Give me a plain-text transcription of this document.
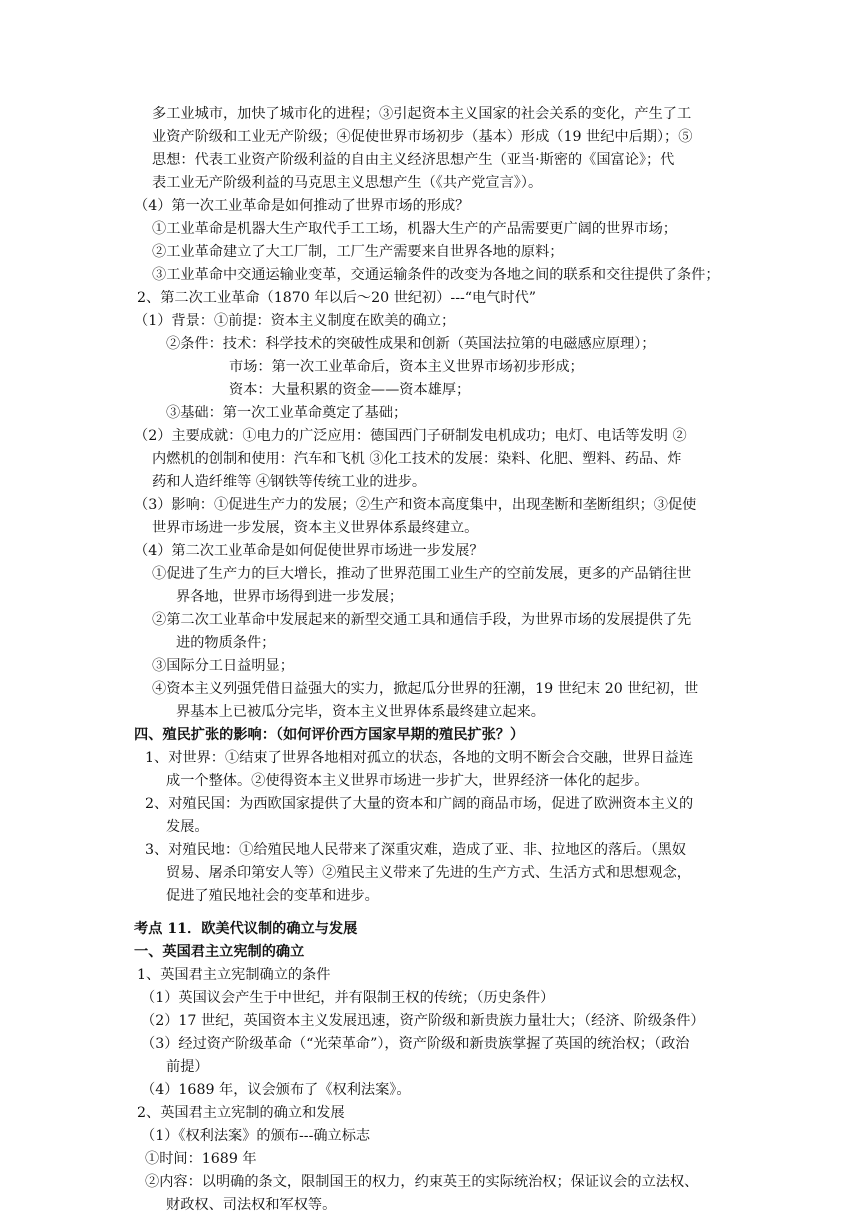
多工业城市，加快了城市化的进程；③引起资本主义国家的社会关系的变化，产生了工
业资产阶级和工业无产阶级；④促使世界市场初步（基本）形成（19 世纪中后期）；⑤
思想：代表工业资产阶级利益的自由主义经济思想产生（亚当·斯密的《国富论》；代
表工业无产阶级利益的马克思主义思想产生（《共产党宣言》）。
（4）第一次工业革命是如何推动了世界市场的形成？
①工业革命是机器大生产取代手工工场，机器大生产的产品需要更广阔的世界市场；
②工业革命建立了大工厂制，工厂生产需要来自世界各地的原料；
③工业革命中交通运输业变革，交通运输条件的改变为各地之间的联系和交往提供了条件；
2、第二次工业革命（1870 年以后～20 世纪初）---“电气时代”
（1）背景：①前提：资本主义制度在欧美的确立；
②条件：技术：科学技术的突破性成果和创新（英国法拉第的电磁感应原理）；
市场：第一次工业革命后，资本主义世界市场初步形成；
资本：大量积累的资金——资本雄厚；
③基础：第一次工业革命奠定了基础；
（2）主要成就：①电力的广泛应用：德国西门子研制发电机成功；电灯、电话等发明 ②
内燃机的创制和使用：汽车和飞机 ③化工技术的发展：染料、化肥、塑料、药品、炸
药和人造纤维等 ④钢铁等传统工业的进步。
（3）影响：①促进生产力的发展；②生产和资本高度集中，出现垄断和垄断组织；③促使
世界市场进一步发展，资本主义世界体系最终建立。
（4）第二次工业革命是如何促使世界市场进一步发展？
①促进了生产力的巨大增长，推动了世界范围工业生产的空前发展，更多的产品销往世
界各地，世界市场得到进一步发展；
②第二次工业革命中发展起来的新型交通工具和通信手段，为世界市场的发展提供了先
进的物质条件；
③国际分工日益明显；
④资本主义列强凭借日益强大的实力，掀起瓜分世界的狂潮，19 世纪末 20 世纪初，世
界基本上已被瓜分完毕，资本主义世界体系最终建立起来。
四、殖民扩张的影响：（如何评价西方国家早期的殖民扩张？）
1、对世界：①结束了世界各地相对孤立的状态，各地的文明不断会合交融，世界日益连
成一个整体。②使得资本主义世界市场进一步扩大，世界经济一体化的起步。
2、对殖民国：为西欧国家提供了大量的资本和广阔的商品市场，促进了欧洲资本主义的
发展。
3、对殖民地：①给殖民地人民带来了深重灾难，造成了亚、非、拉地区的落后。（黑奴
贸易、屠杀印第安人等）②殖民主义带来了先进的生产方式、生活方式和思想观念，
促进了殖民地社会的变革和进步。
考点 11．欧美代议制的确立与发展
一、英国君主立宪制的确立
1、英国君主立宪制确立的条件
（1）英国议会产生于中世纪，并有限制王权的传统；（历史条件）
（2）17 世纪，英国资本主义发展迅速，资产阶级和新贵族力量壮大；（经济、阶级条件）
（3）经过资产阶级革命（“光荣革命”），资产阶级和新贵族掌握了英国的统治权；（政治
前提）
（4）1689 年，议会颁布了《权利法案》。
2、英国君主立宪制的确立和发展
（1）《权利法案》的颁布---确立标志
①时间：1689 年
②内容：以明确的条文，限制国王的权力，约束英王的实际统治权；保证议会的立法权、
财政权、司法权和军权等。
